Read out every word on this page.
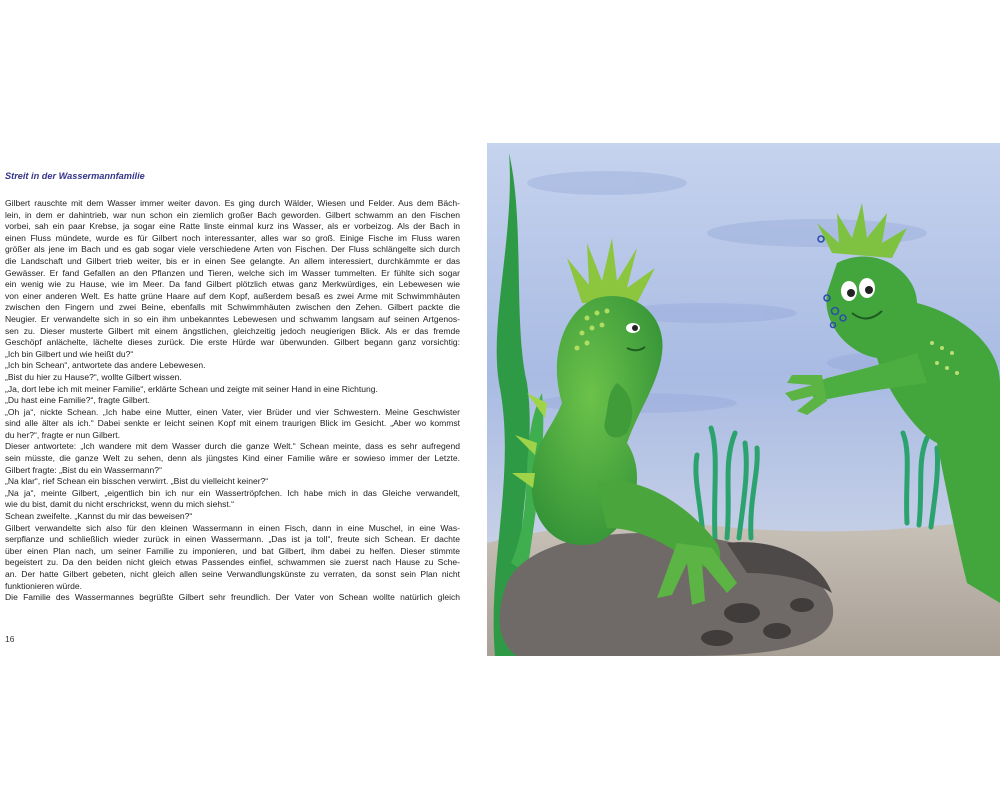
Streit in der Wassermannfamilie

Gilbert rauschte mit dem Wasser immer weiter davon. Es ging durch Wälder, Wiesen und Felder. Aus dem Bäch-

lein, in dem er dahintrieb, war nun schon ein ziemlich großer Bach geworden. Gilbert schwamm an den Fischen

vorbei, sah ein paar Krebse, ja sogar eine Ratte linste einmal kurz ins Wasser, als er vorbeizog. Als der Bach in

einen Fluss mündete, wurde es für Gilbert noch interessanter, alles war so groß. Einige Fische im Fluss waren

größer als jene im Bach und es gab sogar viele verschiedene Arten von Fischen. Der Fluss schlängelte sich durch

die Landschaft und Gilbert trieb weiter, bis er in einen See gelangte. An allem interessiert, durchkämmte er das

Gewässer. Er fand Gefallen an den Pflanzen und Tieren, welche sich im Wasser tummelten. Er fühlte sich sogar

ein wenig wie zu Hause, wie im Meer. Da fand Gilbert plötzlich etwas ganz Merkwürdiges, ein Lebewesen wie

von einer anderen Welt. Es hatte grüne Haare auf dem Kopf, außerdem besaß es zwei Arme mit Schwimmhäuten

zwischen den Fingern und zwei Beine, ebenfalls mit Schwimmhäuten zwischen den Zehen. Gilbert packte die

Neugier. Er verwandelte sich in so ein ihm unbekanntes Lebewesen und schwamm langsam auf seinen Artgenos-

sen zu. Dieser musterte Gilbert mit einem ängstlichen, gleichzeitig jedoch neugierigen Blick. Als er das fremde

Geschöpf anlächelte, lächelte dieses zurück. Die erste Hürde war überwunden. Gilbert begann ganz vorsichtig:

„Ich bin Gilbert und wie heißt du?“

„Ich bin Schean“, antwortete das andere Lebewesen.

„Bist du hier zu Hause?“, wollte Gilbert wissen.

„Ja, dort lebe ich mit meiner Familie“, erklärte Schean und zeigte mit seiner Hand in eine Richtung.

„Du hast eine Familie?“, fragte Gilbert.

„Oh ja“, nickte Schean. „Ich habe eine Mutter, einen Vater, vier Brüder und vier Schwestern. Meine Geschwister

sind alle älter als ich.“ Dabei senkte er leicht seinen Kopf mit einem traurigen Blick im Gesicht. „Aber wo kommst

du her?“, fragte er nun Gilbert.

Dieser antwortete: „Ich wandere mit dem Wasser durch die ganze Welt.“ Schean meinte, dass es sehr aufregend

sein müsste, die ganze Welt zu sehen, denn als jüngstes Kind einer Familie wäre er sowieso immer der Letzte.

Gilbert fragte: „Bist du ein Wassermann?“

„Na klar“, rief Schean ein bisschen verwirrt. „Bist du vielleicht keiner?“

„Na ja“, meinte Gilbert, „eigentlich bin ich nur ein Wassertröpfchen. Ich habe mich in das Gleiche verwandelt,

wie du bist, damit du nicht erschrickst, wenn du mich siehst.“

Schean zweifelte. „Kannst du mir das beweisen?“

Gilbert verwandelte sich also für den kleinen Wassermann in einen Fisch, dann in eine Muschel, in eine Was-

serpflanze und schließlich wieder zurück in einen Wassermann. „Das ist ja toll“, freute sich Schean. Er dachte

über einen Plan nach, um seiner Familie zu imponieren, und bat Gilbert, ihm dabei zu helfen. Dieser stimmte

begeistert zu. Da den beiden nicht gleich etwas Passendes einfiel, schwammen sie zuerst nach Hause zu Sche-

an. Der hatte Gilbert gebeten, nicht gleich allen seine Verwandlungskünste zu verraten, da sonst sein Plan nicht

funktionieren würde.

Die Familie des Wassermannes begrüßte Gilbert sehr freundlich. Der Vater von Schean wollte natürlich gleich

16
